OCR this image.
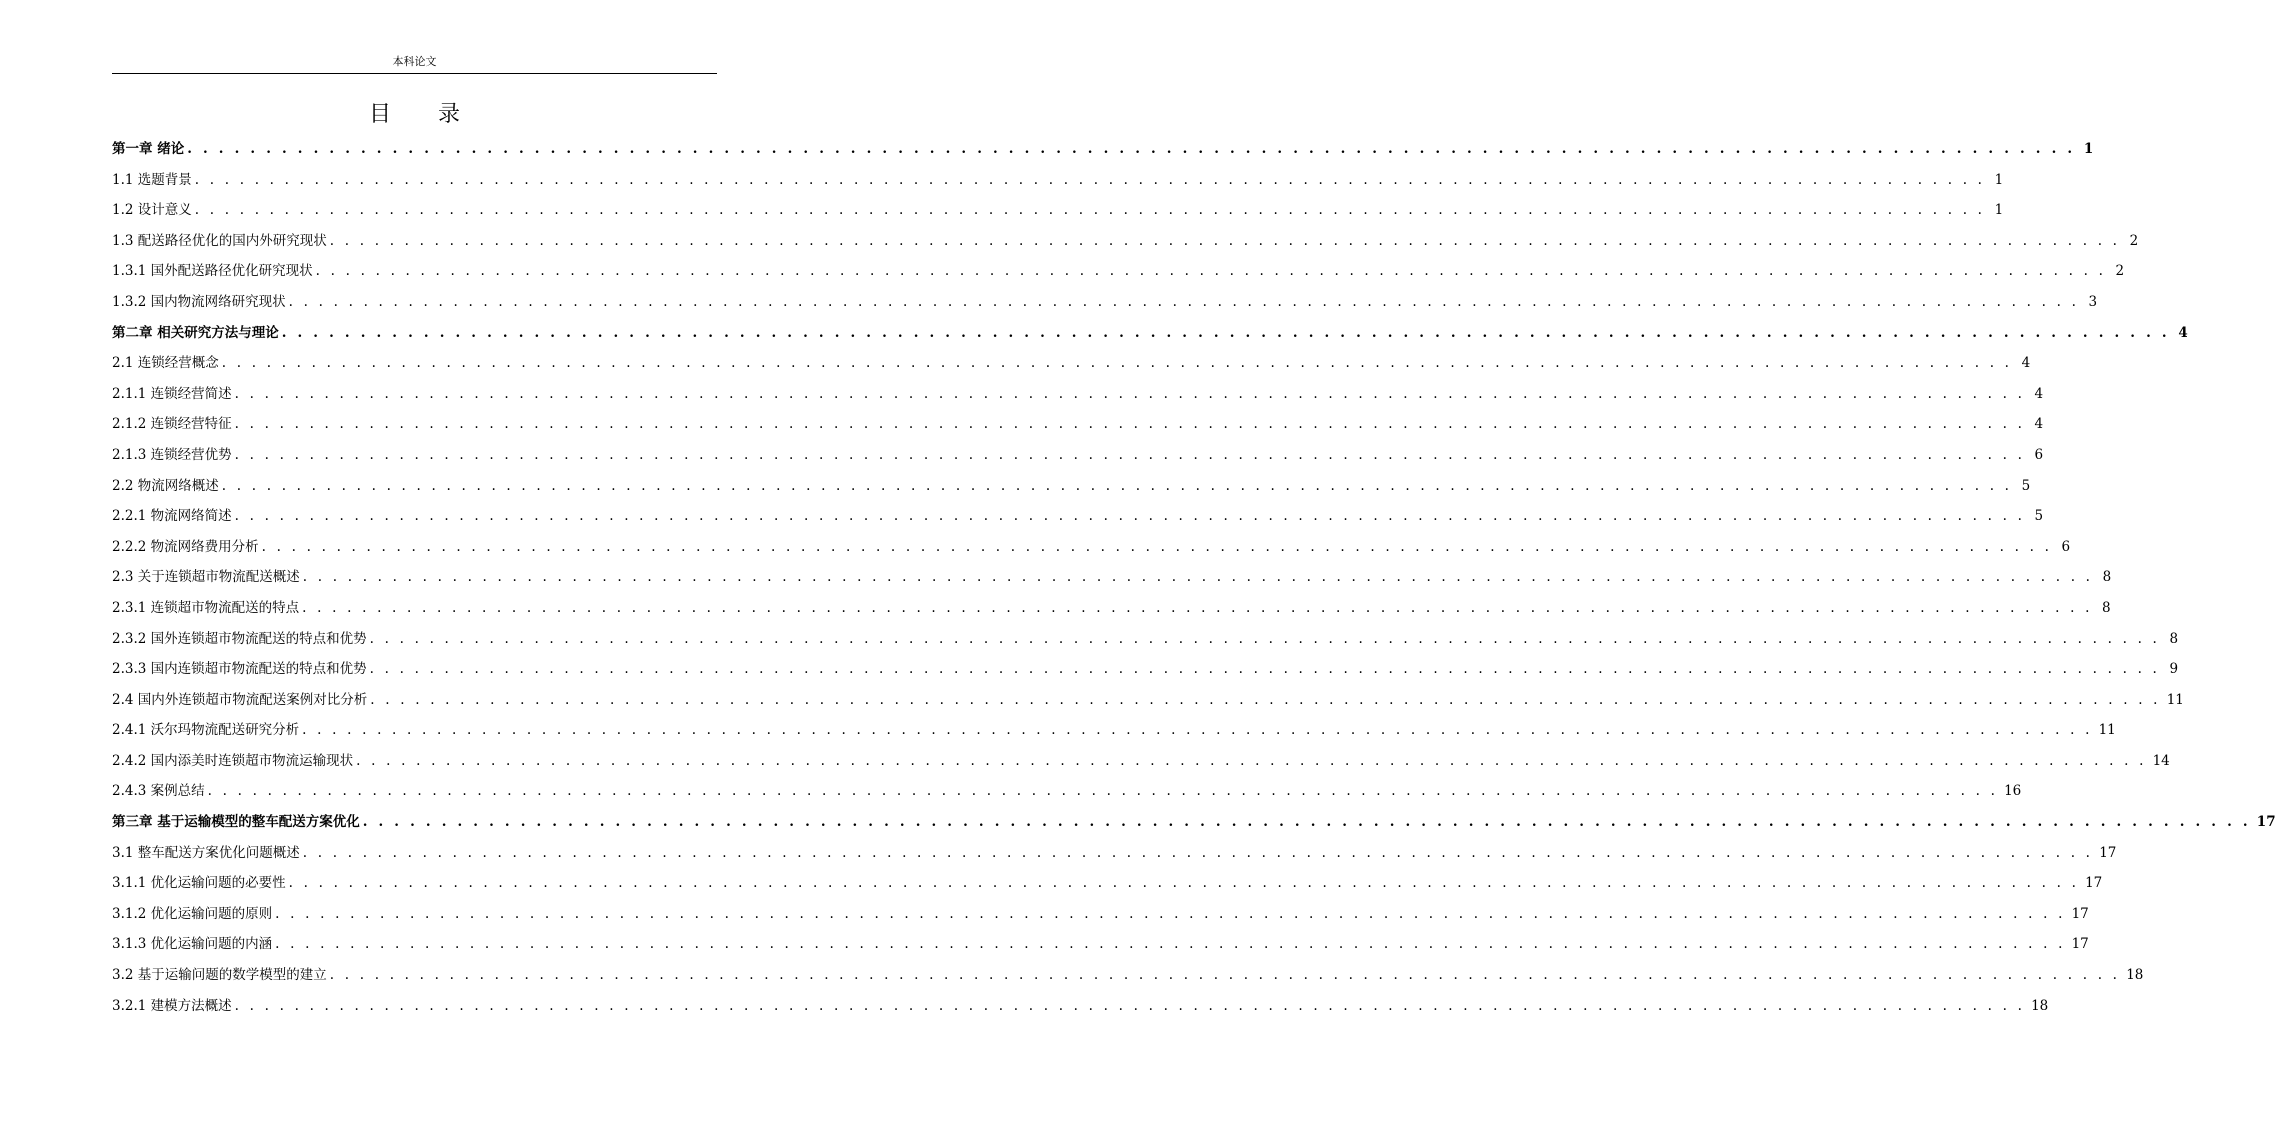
本科论文
目 录
第一章 绪论 . . . . . . . . . . . . . . . . . . . . . . . . . . . . . . . . . . . . . . . . . . . . . . . . . . . . . . . . . . . . . . . . . . . . . . . . . . . . . . . . . . . . . . . . . . . . . . . . . . . . . . . . . . . . . . . . . . . . . . . . 1
1.1 选题背景 . . . . . . . . . . . . . . . . . . . . . . . . . . . . . . . . . . . . . . . . . . . . . . . . . . . . . . . . . . . . . . . . . . . . . . . . . . . . . . . . . . . . . . . . . . . . . . . . . . . . . . . . . . . . . . . . . . . . . . . . 1
1.2 设计意义 . . . . . . . . . . . . . . . . . . . . . . . . . . . . . . . . . . . . . . . . . . . . . . . . . . . . . . . . . . . . . . . . . . . . . . . . . . . . . . . . . . . . . . . . . . . . . . . . . . . . . . . . . . . . . . . . . . . . . . . . 1
1.3 配送路径优化的国内外研究现状 . . . . . . . . . . . . . . . . . . . . . . . . . . . . . . . . . . . . . . . . . . . . . . . . . . . . . . . . . . . . . . . . . . . . . . . . . . . . . . . . . . . . . . . . . . . . . . . . . . . . . . . . . . . . . . . . . . . . . . . . 2
1.3.1 国外配送路径优化研究现状 . . . . . . . . . . . . . . . . . . . . . . . . . . . . . . . . . . . . . . . . . . . . . . . . . . . . . . . . . . . . . . . . . . . . . . . . . . . . . . . . . . . . . . . . . . . . . . . . . . . . . . . . . . . . . . . . . . . . . . . . 2
1.3.2 国内物流网络研究现状 . . . . . . . . . . . . . . . . . . . . . . . . . . . . . . . . . . . . . . . . . . . . . . . . . . . . . . . . . . . . . . . . . . . . . . . . . . . . . . . . . . . . . . . . . . . . . . . . . . . . . . . . . . . . . . . . . . . . . . . . 3
第二章 相关研究方法与理论 . . . . . . . . . . . . . . . . . . . . . . . . . . . . . . . . . . . . . . . . . . . . . . . . . . . . . . . . . . . . . . . . . . . . . . . . . . . . . . . . . . . . . . . . . . . . . . . . . . . . . . . . . . . . . . . . . . . . . . . . 4
2.1 连锁经营概念 . . . . . . . . . . . . . . . . . . . . . . . . . . . . . . . . . . . . . . . . . . . . . . . . . . . . . . . . . . . . . . . . . . . . . . . . . . . . . . . . . . . . . . . . . . . . . . . . . . . . . . . . . . . . . . . . . . . . . . . . 4
2.1.1 连锁经营简述 . . . . . . . . . . . . . . . . . . . . . . . . . . . . . . . . . . . . . . . . . . . . . . . . . . . . . . . . . . . . . . . . . . . . . . . . . . . . . . . . . . . . . . . . . . . . . . . . . . . . . . . . . . . . . . . . . . . . . . . . 4
2.1.2 连锁经营特征 . . . . . . . . . . . . . . . . . . . . . . . . . . . . . . . . . . . . . . . . . . . . . . . . . . . . . . . . . . . . . . . . . . . . . . . . . . . . . . . . . . . . . . . . . . . . . . . . . . . . . . . . . . . . . . . . . . . . . . . . 4
2.1.3 连锁经营优势 . . . . . . . . . . . . . . . . . . . . . . . . . . . . . . . . . . . . . . . . . . . . . . . . . . . . . . . . . . . . . . . . . . . . . . . . . . . . . . . . . . . . . . . . . . . . . . . . . . . . . . . . . . . . . . . . . . . . . . . . 6
2.2 物流网络概述 . . . . . . . . . . . . . . . . . . . . . . . . . . . . . . . . . . . . . . . . . . . . . . . . . . . . . . . . . . . . . . . . . . . . . . . . . . . . . . . . . . . . . . . . . . . . . . . . . . . . . . . . . . . . . . . . . . . . . . . . 5
2.2.1 物流网络简述 . . . . . . . . . . . . . . . . . . . . . . . . . . . . . . . . . . . . . . . . . . . . . . . . . . . . . . . . . . . . . . . . . . . . . . . . . . . . . . . . . . . . . . . . . . . . . . . . . . . . . . . . . . . . . . . . . . . . . . . . 5
2.2.2 物流网络费用分析 . . . . . . . . . . . . . . . . . . . . . . . . . . . . . . . . . . . . . . . . . . . . . . . . . . . . . . . . . . . . . . . . . . . . . . . . . . . . . . . . . . . . . . . . . . . . . . . . . . . . . . . . . . . . . . . . . . . . . . . . 6
2.3 关于连锁超市物流配送概述 . . . . . . . . . . . . . . . . . . . . . . . . . . . . . . . . . . . . . . . . . . . . . . . . . . . . . . . . . . . . . . . . . . . . . . . . . . . . . . . . . . . . . . . . . . . . . . . . . . . . . . . . . . . . . . . . . . . . . . . . 8
2.3.1 连锁超市物流配送的特点 . . . . . . . . . . . . . . . . . . . . . . . . . . . . . . . . . . . . . . . . . . . . . . . . . . . . . . . . . . . . . . . . . . . . . . . . . . . . . . . . . . . . . . . . . . . . . . . . . . . . . . . . . . . . . . . . . . . . . . . . 8
2.3.2 国外连锁超市物流配送的特点和优势 . . . . . . . . . . . . . . . . . . . . . . . . . . . . . . . . . . . . . . . . . . . . . . . . . . . . . . . . . . . . . . . . . . . . . . . . . . . . . . . . . . . . . . . . . . . . . . . . . . . . . . . . . . . . . . . . . . . . . . . . 8
2.3.3 国内连锁超市物流配送的特点和优势 . . . . . . . . . . . . . . . . . . . . . . . . . . . . . . . . . . . . . . . . . . . . . . . . . . . . . . . . . . . . . . . . . . . . . . . . . . . . . . . . . . . . . . . . . . . . . . . . . . . . . . . . . . . . . . . . . . . . . . . . 9
2.4 国内外连锁超市物流配送案例对比分析 . . . . . . . . . . . . . . . . . . . . . . . . . . . . . . . . . . . . . . . . . . . . . . . . . . . . . . . . . . . . . . . . . . . . . . . . . . . . . . . . . . . . . . . . . . . . . . . . . . . . . . . . . . . . . . . . . . . . . . . . 11
2.4.1 沃尔玛物流配送研究分析 . . . . . . . . . . . . . . . . . . . . . . . . . . . . . . . . . . . . . . . . . . . . . . . . . . . . . . . . . . . . . . . . . . . . . . . . . . . . . . . . . . . . . . . . . . . . . . . . . . . . . . . . . . . . . . . . . . . . . . . . 11
2.4.2 国内添美时连锁超市物流运输现状 . . . . . . . . . . . . . . . . . . . . . . . . . . . . . . . . . . . . . . . . . . . . . . . . . . . . . . . . . . . . . . . . . . . . . . . . . . . . . . . . . . . . . . . . . . . . . . . . . . . . . . . . . . . . . . . . . . . . . . . . 14
2.4.3 案例总结 . . . . . . . . . . . . . . . . . . . . . . . . . . . . . . . . . . . . . . . . . . . . . . . . . . . . . . . . . . . . . . . . . . . . . . . . . . . . . . . . . . . . . . . . . . . . . . . . . . . . . . . . . . . . . . . . . . . . . . . . 16
第三章 基于运输模型的整车配送方案优化 . . . . . . . . . . . . . . . . . . . . . . . . . . . . . . . . . . . . . . . . . . . . . . . . . . . . . . . . . . . . . . . . . . . . . . . . . . . . . . . . . . . . . . . . . . . . . . . . . . . . . . . . . . . . . . . . . . . . . . . . 17
3.1 整车配送方案优化问题概述 . . . . . . . . . . . . . . . . . . . . . . . . . . . . . . . . . . . . . . . . . . . . . . . . . . . . . . . . . . . . . . . . . . . . . . . . . . . . . . . . . . . . . . . . . . . . . . . . . . . . . . . . . . . . . . . . . . . . . . . . 17
3.1.1 优化运输问题的必要性 . . . . . . . . . . . . . . . . . . . . . . . . . . . . . . . . . . . . . . . . . . . . . . . . . . . . . . . . . . . . . . . . . . . . . . . . . . . . . . . . . . . . . . . . . . . . . . . . . . . . . . . . . . . . . . . . . . . . . . . . 17
3.1.2 优化运输问题的原则 . . . . . . . . . . . . . . . . . . . . . . . . . . . . . . . . . . . . . . . . . . . . . . . . . . . . . . . . . . . . . . . . . . . . . . . . . . . . . . . . . . . . . . . . . . . . . . . . . . . . . . . . . . . . . . . . . . . . . . . . 17
3.1.3 优化运输问题的内涵 . . . . . . . . . . . . . . . . . . . . . . . . . . . . . . . . . . . . . . . . . . . . . . . . . . . . . . . . . . . . . . . . . . . . . . . . . . . . . . . . . . . . . . . . . . . . . . . . . . . . . . . . . . . . . . . . . . . . . . . . 17
3.2 基于运输问题的数学模型的建立 . . . . . . . . . . . . . . . . . . . . . . . . . . . . . . . . . . . . . . . . . . . . . . . . . . . . . . . . . . . . . . . . . . . . . . . . . . . . . . . . . . . . . . . . . . . . . . . . . . . . . . . . . . . . . . . . . . . . . . . . 18
3.2.1 建模方法概述 . . . . . . . . . . . . . . . . . . . . . . . . . . . . . . . . . . . . . . . . . . . . . . . . . . . . . . . . . . . . . . . . . . . . . . . . . . . . . . . . . . . . . . . . . . . . . . . . . . . . . . . . . . . . . . . . . . . . . . . . 18
